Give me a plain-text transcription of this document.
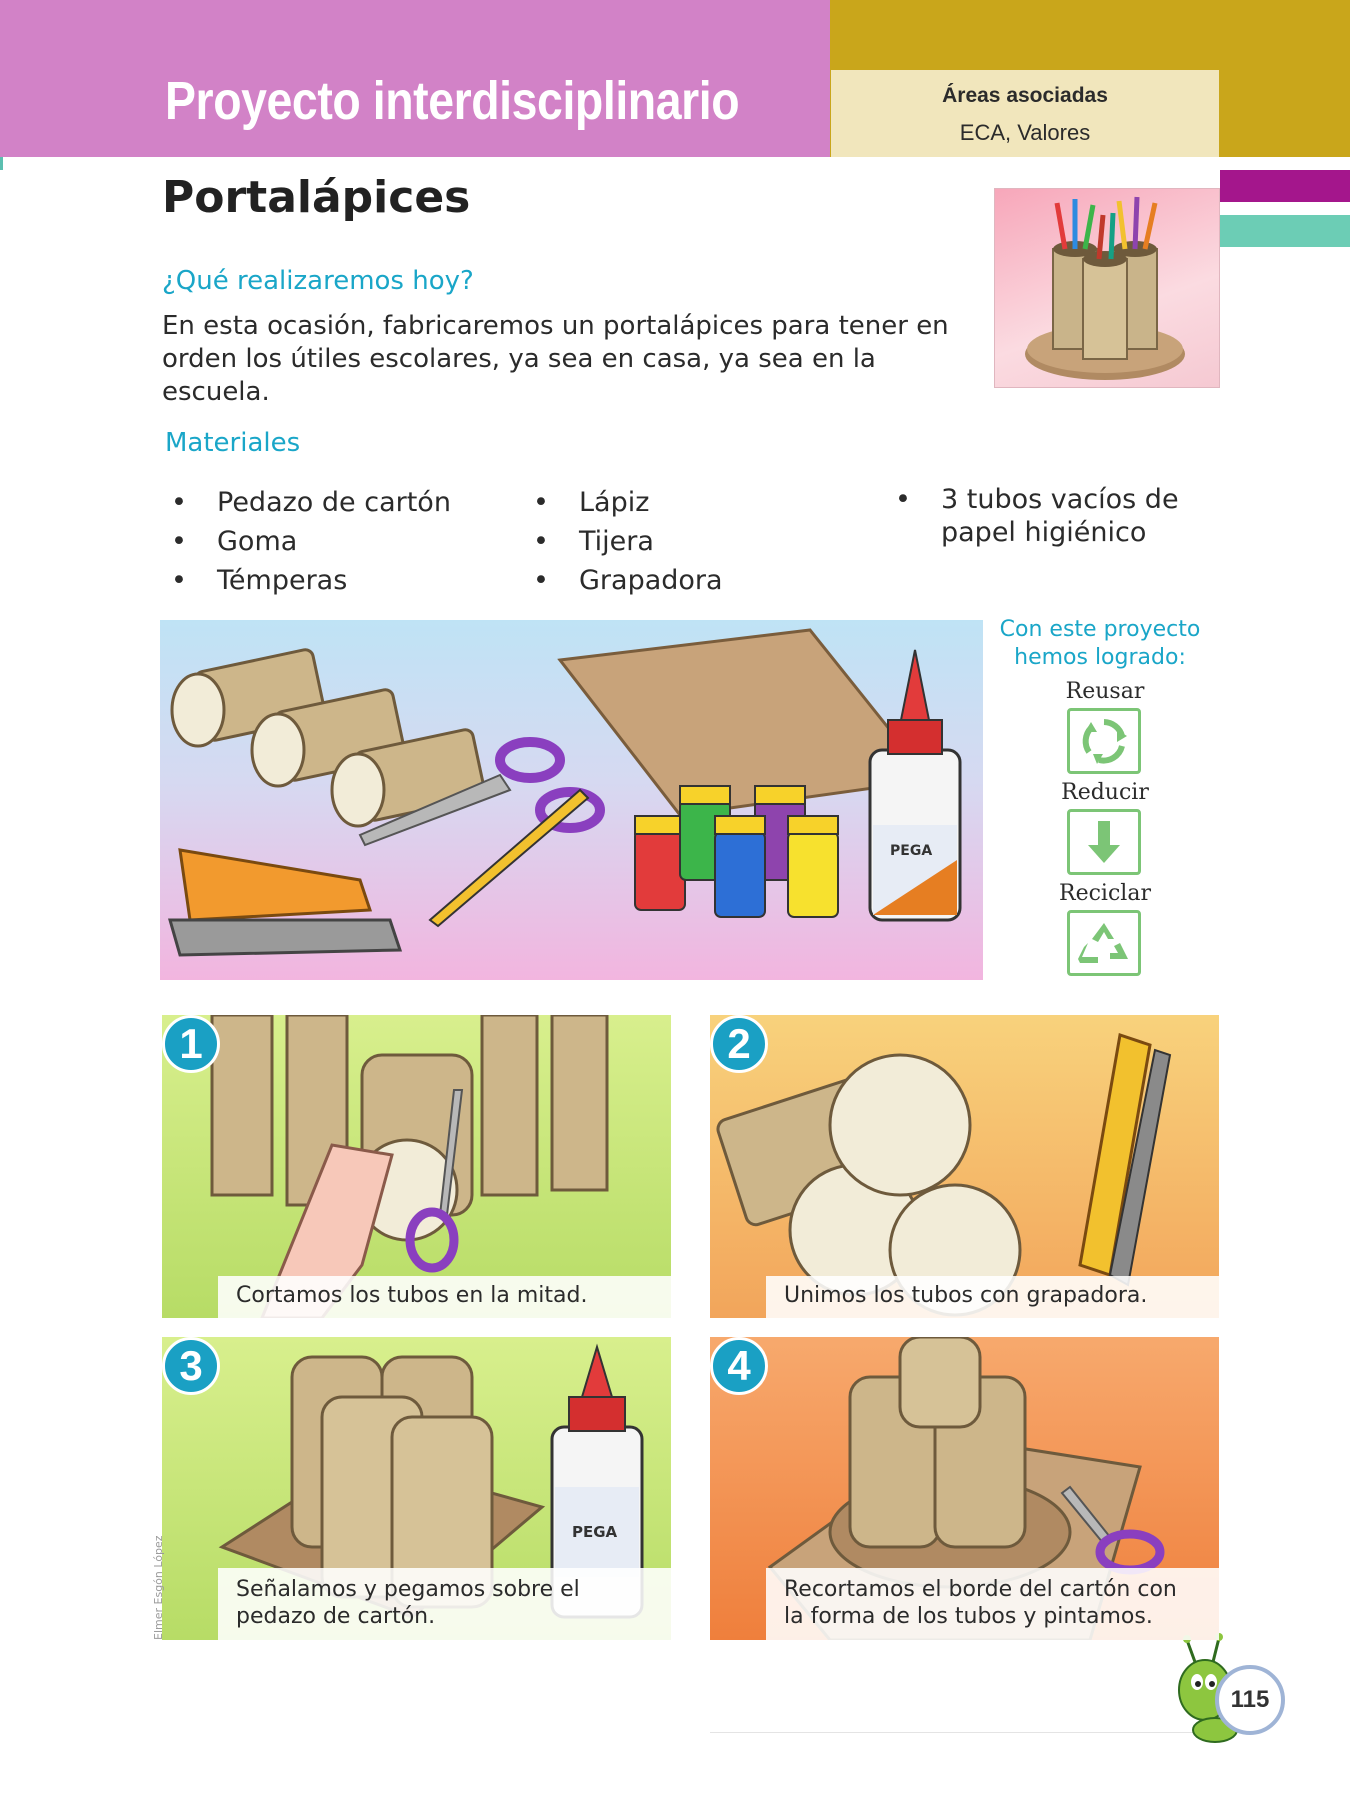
Proyecto interdisciplinario	Áreas asociadas
ECA, Valores
Portalápices
¿Qué realizaremos hoy?

En esta ocasión, fabricaremos un portalápices para tener en orden los útiles escolares, ya sea en casa, ya sea en la escuela.

Materiales
• Pedazo de cartón
• Goma
• Témperas
• Lápiz
• Tijera
• Grapadora
• 3 tubos vacíos de papel higiénico
PEGA
Con este proyecto hemos logrado:
Reusar
Reducir
Reciclar
1
Cortamos los tubos en la mitad.
2
Unimos los tubos con grapadora.
PEGA
3
Señalamos y pegamos sobre el pedazo de cartón.
4
Recortamos el borde del cartón con la forma de los tubos y pintamos.
Elmer Esgón López
115
